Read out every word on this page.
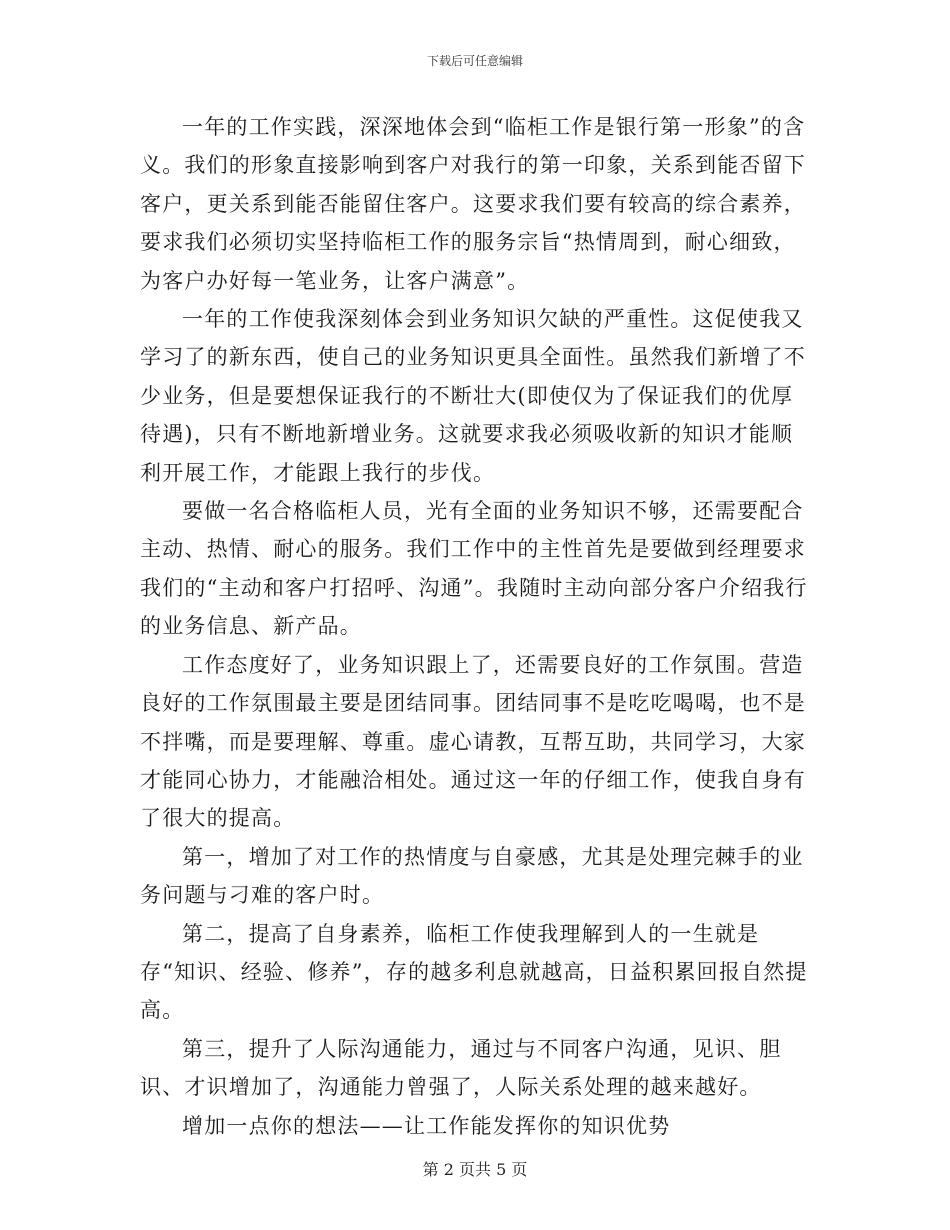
下载后可任意编辑

一年的工作实践，深深地体会到“临柜工作是银行第一形象”的含义。我们的形象直接影响到客户对我行的第一印象，关系到能否留下客户，更关系到能否能留住客户。这要求我们要有较高的综合素养，要求我们必须切实坚持临柜工作的服务宗旨“热情周到，耐心细致，为客户办好每一笔业务，让客户满意”。

一年的工作使我深刻体会到业务知识欠缺的严重性。这促使我又学习了的新东西，使自己的业务知识更具全面性。虽然我们新增了不少业务，但是要想保证我行的不断壮大(即使仅为了保证我们的优厚待遇)，只有不断地新增业务。这就要求我必须吸收新的知识才能顺利开展工作，才能跟上我行的步伐。

要做一名合格临柜人员，光有全面的业务知识不够，还需要配合主动、热情、耐心的服务。我们工作中的主性首先是要做到经理要求我们的“主动和客户打招呼、沟通”。我随时主动向部分客户介绍我行的业务信息、新产品。

工作态度好了，业务知识跟上了，还需要良好的工作氛围。营造良好的工作氛围最主要是团结同事。团结同事不是吃吃喝喝，也不是不拌嘴，而是要理解、尊重。虚心请教，互帮互助，共同学习，大家才能同心协力，才能融洽相处。通过这一年的仔细工作，使我自身有了很大的提高。

第一，增加了对工作的热情度与自豪感，尤其是处理完棘手的业务问题与刁难的客户时。

第二，提高了自身素养，临柜工作使我理解到人的一生就是存“知识、经验、修养”，存的越多利息就越高，日益积累回报自然提高。

第三，提升了人际沟通能力，通过与不同客户沟通，见识、胆识、才识增加了，沟通能力曾强了，人际关系处理的越来越好。

增加一点你的想法——让工作能发挥你的知识优势

第 2 页共 5 页
